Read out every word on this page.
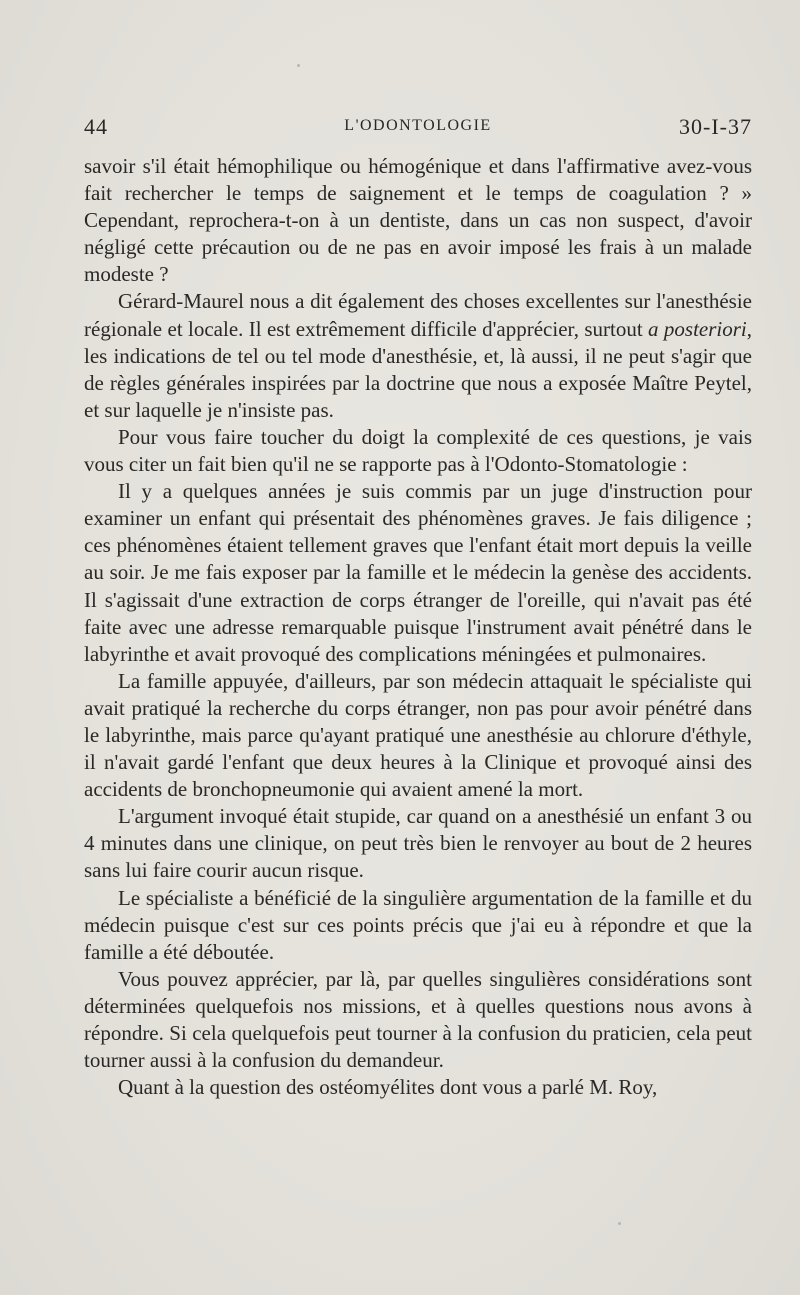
44	L'ODONTOLOGIE	30-I-37

savoir s'il était hémophilique ou hémogénique et dans l'affirmative avez-vous fait rechercher le temps de saignement et le temps de coagulation ? » Cependant, reprochera-t-on à un dentiste, dans un cas non suspect, d'avoir négligé cette précaution ou de ne pas en avoir imposé les frais à un malade modeste ?

Gérard-Maurel nous a dit également des choses excellentes sur l'anesthésie régionale et locale. Il est extrêmement difficile d'apprécier, surtout a posteriori, les indications de tel ou tel mode d'anesthésie, et, là aussi, il ne peut s'agir que de règles générales inspirées par la doctrine que nous a exposée Maître Peytel, et sur laquelle je n'insiste pas.

Pour vous faire toucher du doigt la complexité de ces questions, je vais vous citer un fait bien qu'il ne se rapporte pas à l'Odonto-Stomatologie :

Il y a quelques années je suis commis par un juge d'instruction pour examiner un enfant qui présentait des phénomènes graves. Je fais diligence ; ces phénomènes étaient tellement graves que l'enfant était mort depuis la veille au soir. Je me fais exposer par la famille et le médecin la genèse des accidents. Il s'agissait d'une extraction de corps étranger de l'oreille, qui n'avait pas été faite avec une adresse remarquable puisque l'instrument avait pénétré dans le labyrinthe et avait provoqué des complications méningées et pulmonaires.

La famille appuyée, d'ailleurs, par son médecin attaquait le spécialiste qui avait pratiqué la recherche du corps étranger, non pas pour avoir pénétré dans le labyrinthe, mais parce qu'ayant pratiqué une anesthésie au chlorure d'éthyle, il n'avait gardé l'enfant que deux heures à la Clinique et provoqué ainsi des accidents de bronchopneumonie qui avaient amené la mort.

L'argument invoqué était stupide, car quand on a anesthésié un enfant 3 ou 4 minutes dans une clinique, on peut très bien le renvoyer au bout de 2 heures sans lui faire courir aucun risque.

Le spécialiste a bénéficié de la singulière argumentation de la famille et du médecin puisque c'est sur ces points précis que j'ai eu à répondre et que la famille a été déboutée.

Vous pouvez apprécier, par là, par quelles singulières considérations sont déterminées quelquefois nos missions, et à quelles questions nous avons à répondre. Si cela quelquefois peut tourner à la confusion du praticien, cela peut tourner aussi à la confusion du demandeur.

Quant à la question des ostéomyélites dont vous a parlé M. Roy,
